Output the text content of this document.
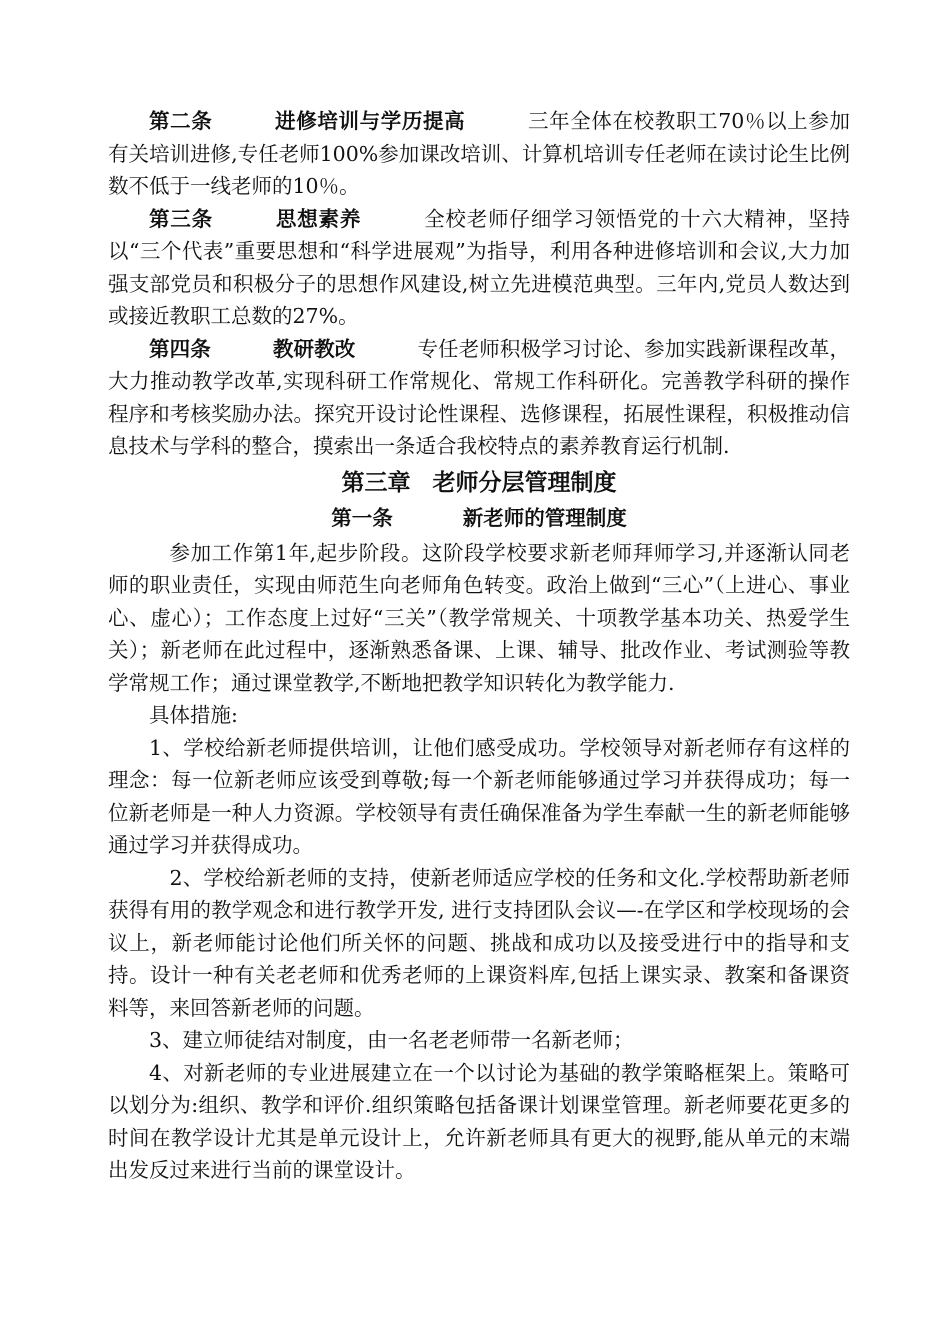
第二条	进修培训与学历提高	三年全体在校教职工70％以上参加有关培训进修,专任老师100%参加课改培训、计算机培训专任老师在读讨论生比例数不低于一线老师的10％。

第三条	思想素养	全校老师仔细学习领悟党的十六大精神，坚持以“三个代表”重要思想和“科学进展观”为指导，利用各种进修培训和会议,大力加强支部党员和积极分子的思想作风建设,树立先进模范典型。三年内,党员人数达到或接近教职工总数的27%。

第四条	教研教改	专任老师积极学习讨论、参加实践新课程改革，大力推动教学改革,实现科研工作常规化、常规工作科研化。完善教学科研的操作程序和考核奖励办法。探究开设讨论性课程、选修课程，拓展性课程，积极推动信息技术与学科的整合，摸索出一条适合我校特点的素养教育运行机制.

第三章 老师分层管理制度
第一条	新老师的管理制度

参加工作第1年,起步阶段。这阶段学校要求新老师拜师学习,并逐渐认同老师的职业责任，实现由师范生向老师角色转变。政治上做到“三心”（上进心、事业心、虚心）；工作态度上过好“三关”（教学常规关、十项教学基本功关、热爱学生关）；新老师在此过程中，逐渐熟悉备课、上课、辅导、批改作业、考试测验等教学常规工作；通过课堂教学,不断地把教学知识转化为教学能力.

具体措施:

1、学校给新老师提供培训，让他们感受成功。学校领导对新老师存有这样的理念：每一位新老师应该受到尊敬;每一个新老师能够通过学习并获得成功；每一位新老师是一种人力资源。学校领导有责任确保准备为学生奉献一生的新老师能够通过学习并获得成功。

2、学校给新老师的支持，使新老师适应学校的任务和文化.学校帮助新老师获得有用的教学观念和进行教学开发, 进行支持团队会议—-在学区和学校现场的会议上，新老师能讨论他们所关怀的问题、挑战和成功以及接受进行中的指导和支持。设计一种有关老老师和优秀老师的上课资料库,包括上课实录、教案和备课资料等，来回答新老师的问题。

3、建立师徒结对制度，由一名老老师带一名新老师；

4、对新老师的专业进展建立在一个以讨论为基础的教学策略框架上。策略可以划分为:组织、教学和评价.组织策略包括备课计划课堂管理。新老师要花更多的时间在教学设计尤其是单元设计上，允许新老师具有更大的视野,能从单元的末端出发反过来进行当前的课堂设计。
